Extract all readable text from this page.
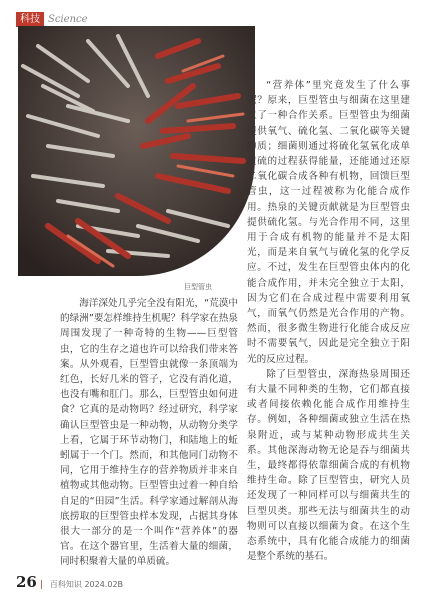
科技 Science
巨型管虫

海洋深处几乎完全没有阳光，“荒漠中的绿洲”要怎样维持生机呢？科学家在热泉周围发现了一种奇特的生物——巨型管虫，它的生存之道也许可以给我们带来答案。从外观看，巨型管虫就像一条顶端为红色，长好几米的管子，它没有消化道，也没有嘴和肛门。那么，巨型管虫如何进食？它真的是动物吗？经过研究，科学家确认巨型管虫是一种动物，从动物分类学上看，它属于环节动物门，和陆地上的蚯蚓属于一个门。然而，和其他同门动物不同，它用于维持生存的营养物质并非来自植物或其他动物。巨型管虫过着一种自给自足的“田园”生活。科学家通过解剖从海底捞取的巨型管虫样本发现，占据其身体很大一部分的是一个叫作“营养体”的器官。在这个器官里，生活着大量的细菌，同时积聚着大量的单质硫。

“营养体”里究竟发生了什么事呢？原来，巨型管虫与细菌在这里建立了一种合作关系。巨型管虫为细菌提供氧气、硫化氢、二氧化碳等关键物质；细菌则通过将硫化氢氧化成单质硫的过程获得能量，还能通过还原二氧化碳合成各种有机物，回馈巨型管虫，这一过程被称为化能合成作用。热泉的关键贡献就是为巨型管虫提供硫化氢。与光合作用不同，这里用于合成有机物的能量并不是太阳光，而是来自氧气与硫化氢的化学反应。不过，发生在巨型管虫体内的化能合成作用，并未完全独立于太阳，因为它们在合成过程中需要利用氧气，而氧气仍然是光合作用的产物。然而，很多微生物进行化能合成反应时不需要氧气，因此是完全独立于阳光的反应过程。

除了巨型管虫，深海热泉周围还有大量不同种类的生物，它们都直接或者间接依赖化能合成作用维持生存。例如，各种细菌或独立生活在热泉附近，或与某种动物形成共生关系。其他深海动物无论是吞与细菌共生，最终都得依靠细菌合成的有机物维持生命。除了巨型管虫，研究人员还发现了一种同样可以与细菌共生的巨型贝类。那些无法与细菌共生的动物则可以直接以细菌为食。在这个生态系统中，具有化能合成能力的细菌是整个系统的基石。

26 | 百科知识 2024.02B
